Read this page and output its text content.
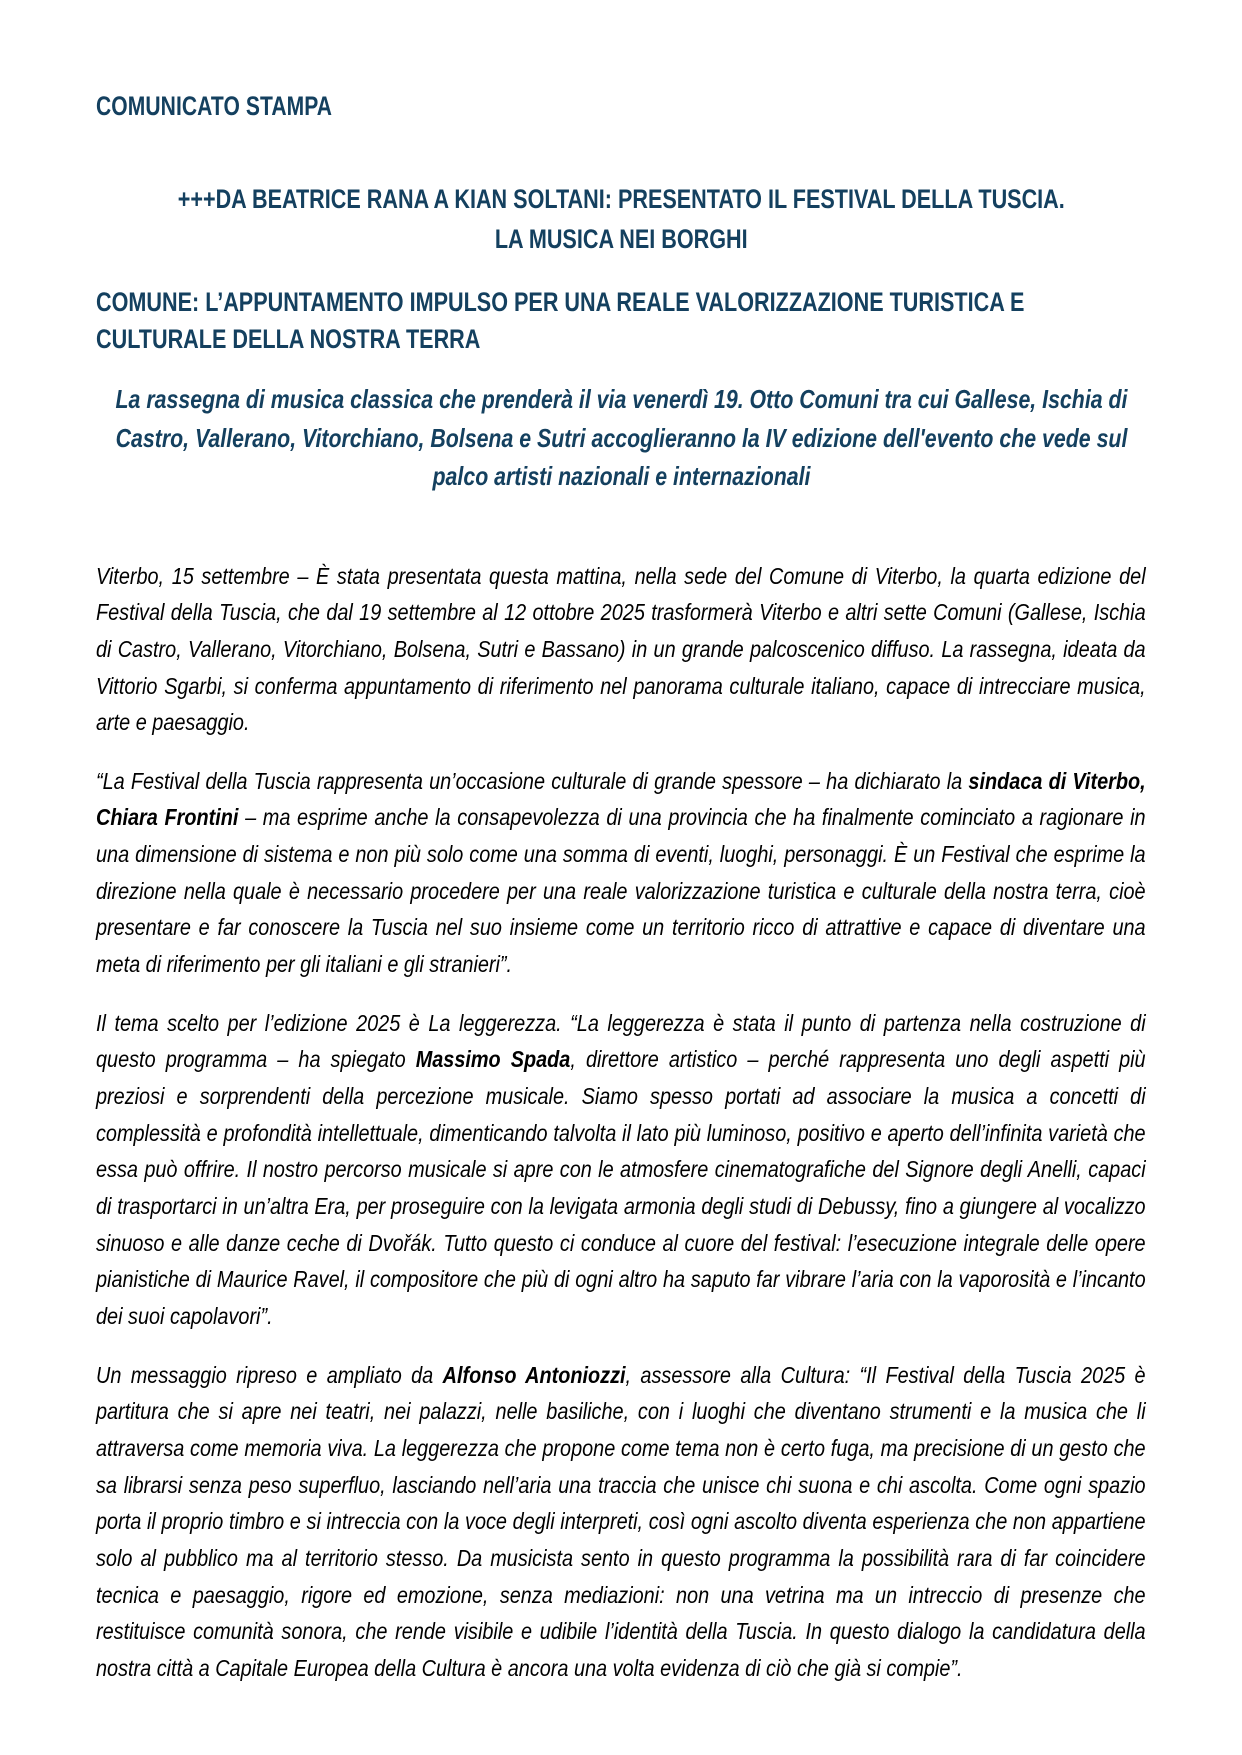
COMUNICATO STAMPA
+++DA BEATRICE RANA A KIAN SOLTANI: PRESENTATO IL FESTIVAL DELLA TUSCIA.
LA MUSICA NEI BORGHI
COMUNE: L’APPUNTAMENTO IMPULSO PER UNA REALE VALORIZZAZIONE TURISTICA E CULTURALE DELLA NOSTRA TERRA
La rassegna di musica classica che prenderà il via venerdì 19. Otto Comuni tra cui Gallese, Ischia di Castro, Vallerano, Vitorchiano, Bolsena e Sutri accoglieranno la IV edizione dell'evento che vede sul palco artisti nazionali e internazionali

Viterbo, 15 settembre – È stata presentata questa mattina, nella sede del Comune di Viterbo, la quarta edizione del Festival della Tuscia, che dal 19 settembre al 12 ottobre 2025 trasformerà Viterbo e altri sette Comuni (Gallese, Ischia di Castro, Vallerano, Vitorchiano, Bolsena, Sutri e Bassano) in un grande palcoscenico diffuso. La rassegna, ideata da Vittorio Sgarbi, si conferma appuntamento di riferimento nel panorama culturale italiano, capace di intrecciare musica, arte e paesaggio.

“La Festival della Tuscia rappresenta un’occasione culturale di grande spessore – ha dichiarato la sindaca di Viterbo, Chiara Frontini – ma esprime anche la consapevolezza di una provincia che ha finalmente cominciato a ragionare in una dimensione di sistema e non più solo come una somma di eventi, luoghi, personaggi. È un Festival che esprime la direzione nella quale è necessario procedere per una reale valorizzazione turistica e culturale della nostra terra, cioè presentare e far conoscere la Tuscia nel suo insieme come un territorio ricco di attrattive e capace di diventare una meta di riferimento per gli italiani e gli stranieri”.

Il tema scelto per l’edizione 2025 è La leggerezza. “La leggerezza è stata il punto di partenza nella costruzione di questo programma – ha spiegato Massimo Spada, direttore artistico – perché rappresenta uno degli aspetti più preziosi e sorprendenti della percezione musicale. Siamo spesso portati ad associare la musica a concetti di complessità e profondità intellettuale, dimenticando talvolta il lato più luminoso, positivo e aperto dell’infinita varietà che essa può offrire. Il nostro percorso musicale si apre con le atmosfere cinematografiche del Signore degli Anelli, capaci di trasportarci in un’altra Era, per proseguire con la levigata armonia degli studi di Debussy, fino a giungere al vocalizzo sinuoso e alle danze ceche di Dvořák. Tutto questo ci conduce al cuore del festival: l’esecuzione integrale delle opere pianistiche di Maurice Ravel, il compositore che più di ogni altro ha saputo far vibrare l’aria con la vaporosità e l’incanto dei suoi capolavori”.

Un messaggio ripreso e ampliato da Alfonso Antoniozzi, assessore alla Cultura: “Il Festival della Tuscia 2025 è partitura che si apre nei teatri, nei palazzi, nelle basiliche, con i luoghi che diventano strumenti e la musica che li attraversa come memoria viva. La leggerezza che propone come tema non è certo fuga, ma precisione di un gesto che sa librarsi senza peso superfluo, lasciando nell’aria una traccia che unisce chi suona e chi ascolta. Come ogni spazio porta il proprio timbro e si intreccia con la voce degli interpreti, così ogni ascolto diventa esperienza che non appartiene solo al pubblico ma al territorio stesso. Da musicista sento in questo programma la possibilità rara di far coincidere tecnica e paesaggio, rigore ed emozione, senza mediazioni: non una vetrina ma un intreccio di presenze che restituisce comunità sonora, che rende visibile e udibile l’identità della Tuscia. In questo dialogo la candidatura della nostra città a Capitale Europea della Cultura è ancora una volta evidenza di ciò che già si compie”.
